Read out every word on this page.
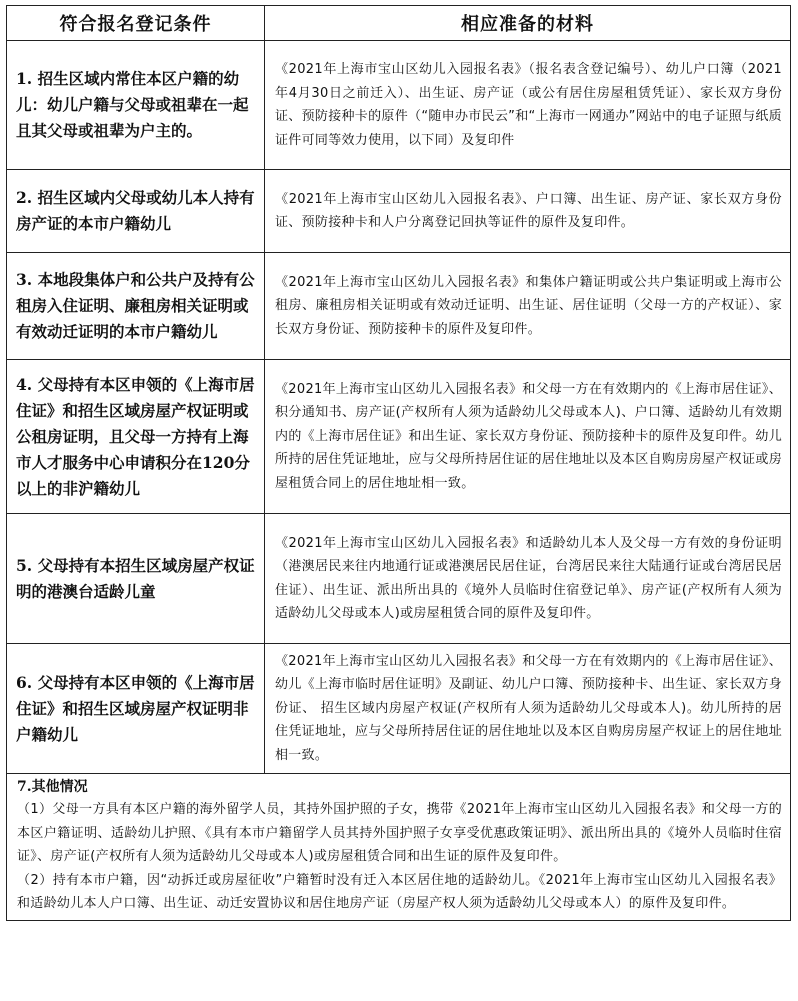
符合报名登记条件	相应准备的材料
1. 招生区域内常住本区户籍的幼儿：幼儿户籍与父母或祖辈在一起且其父母或祖辈为户主的。	《2021年上海市宝山区幼儿入园报名表》（报名表含登记编号）、幼儿户口簿（2021年4月30日之前迁入）、出生证、房产证（或公有居住房屋租赁凭证）、家长双方身份证、预防接种卡的原件（“随申办市民云”和“上海市一网通办”网站中的电子证照与纸质证件可同等效力使用，以下同）及复印件
2. 招生区域内父母或幼儿本人持有房产证的本市户籍幼儿	《2021年上海市宝山区幼儿入园报名表》、户口簿、出生证、房产证、家长双方身份证、预防接种卡和人户分离登记回执等证件的原件及复印件。
3. 本地段集体户和公共户及持有公租房入住证明、廉租房相关证明或有效动迁证明的本市户籍幼儿	《2021年上海市宝山区幼儿入园报名表》和集体户籍证明或公共户集证明或上海市公租房、廉租房相关证明或有效动迁证明、出生证、居住证明（父母一方的产权证）、家长双方身份证、预防接种卡的原件及复印件。
4. 父母持有本区申领的《上海市居住证》和招生区域房屋产权证明或公租房证明，且父母一方持有上海市人才服务中心申请积分在120分以上的非沪籍幼儿	《2021年上海市宝山区幼儿入园报名表》和父母一方在有效期内的《上海市居住证》、积分通知书、房产证(产权所有人须为适龄幼儿父母或本人)、户口簿、适龄幼儿有效期内的《上海市居住证》和出生证、家长双方身份证、预防接种卡的原件及复印件。幼儿所持的居住凭证地址，应与父母所持居住证的居住地址以及本区自购房房屋产权证或房屋租赁合同上的居住地址相一致。
5. 父母持有本招生区域房屋产权证明的港澳台适龄儿童	《2021年上海市宝山区幼儿入园报名表》和适龄幼儿本人及父母一方有效的身份证明（港澳居民来往内地通行证或港澳居民居住证，台湾居民来往大陆通行证或台湾居民居住证）、出生证、派出所出具的《境外人员临时住宿登记单》、房产证(产权所有人须为适龄幼儿父母或本人)或房屋租赁合同的原件及复印件。
6. 父母持有本区申领的《上海市居住证》和招生区域房屋产权证明非户籍幼儿	《2021年上海市宝山区幼儿入园报名表》和父母一方在有效期内的《上海市居住证》、幼儿《上海市临时居住证明》及副证、幼儿户口簿、预防接种卡、出生证、家长双方身份证、 招生区域内房屋产权证(产权所有人须为适龄幼儿父母或本人)。幼儿所持的居住凭证地址，应与父母所持居住证的居住地址以及本区自购房房屋产权证上的居住地址相一致。

7.其他情况
（1）父母一方具有本区户籍的海外留学人员，其持外国护照的子女，携带《2021年上海市宝山区幼儿入园报名表》和父母一方的本区户籍证明、适龄幼儿护照、《具有本市户籍留学人员其持外国护照子女享受优惠政策证明》、派出所出具的《境外人员临时住宿证》、房产证(产权所有人须为适龄幼儿父母或本人)或房屋租赁合同和出生证的原件及复印件。
（2）持有本市户籍，因“动拆迁或房屋征收”户籍暂时没有迁入本区居住地的适龄幼儿。《2021年上海市宝山区幼儿入园报名表》和适龄幼儿本人户口簿、出生证、动迁安置协议和居住地房产证（房屋产权人须为适龄幼儿父母或本人）的原件及复印件。	
